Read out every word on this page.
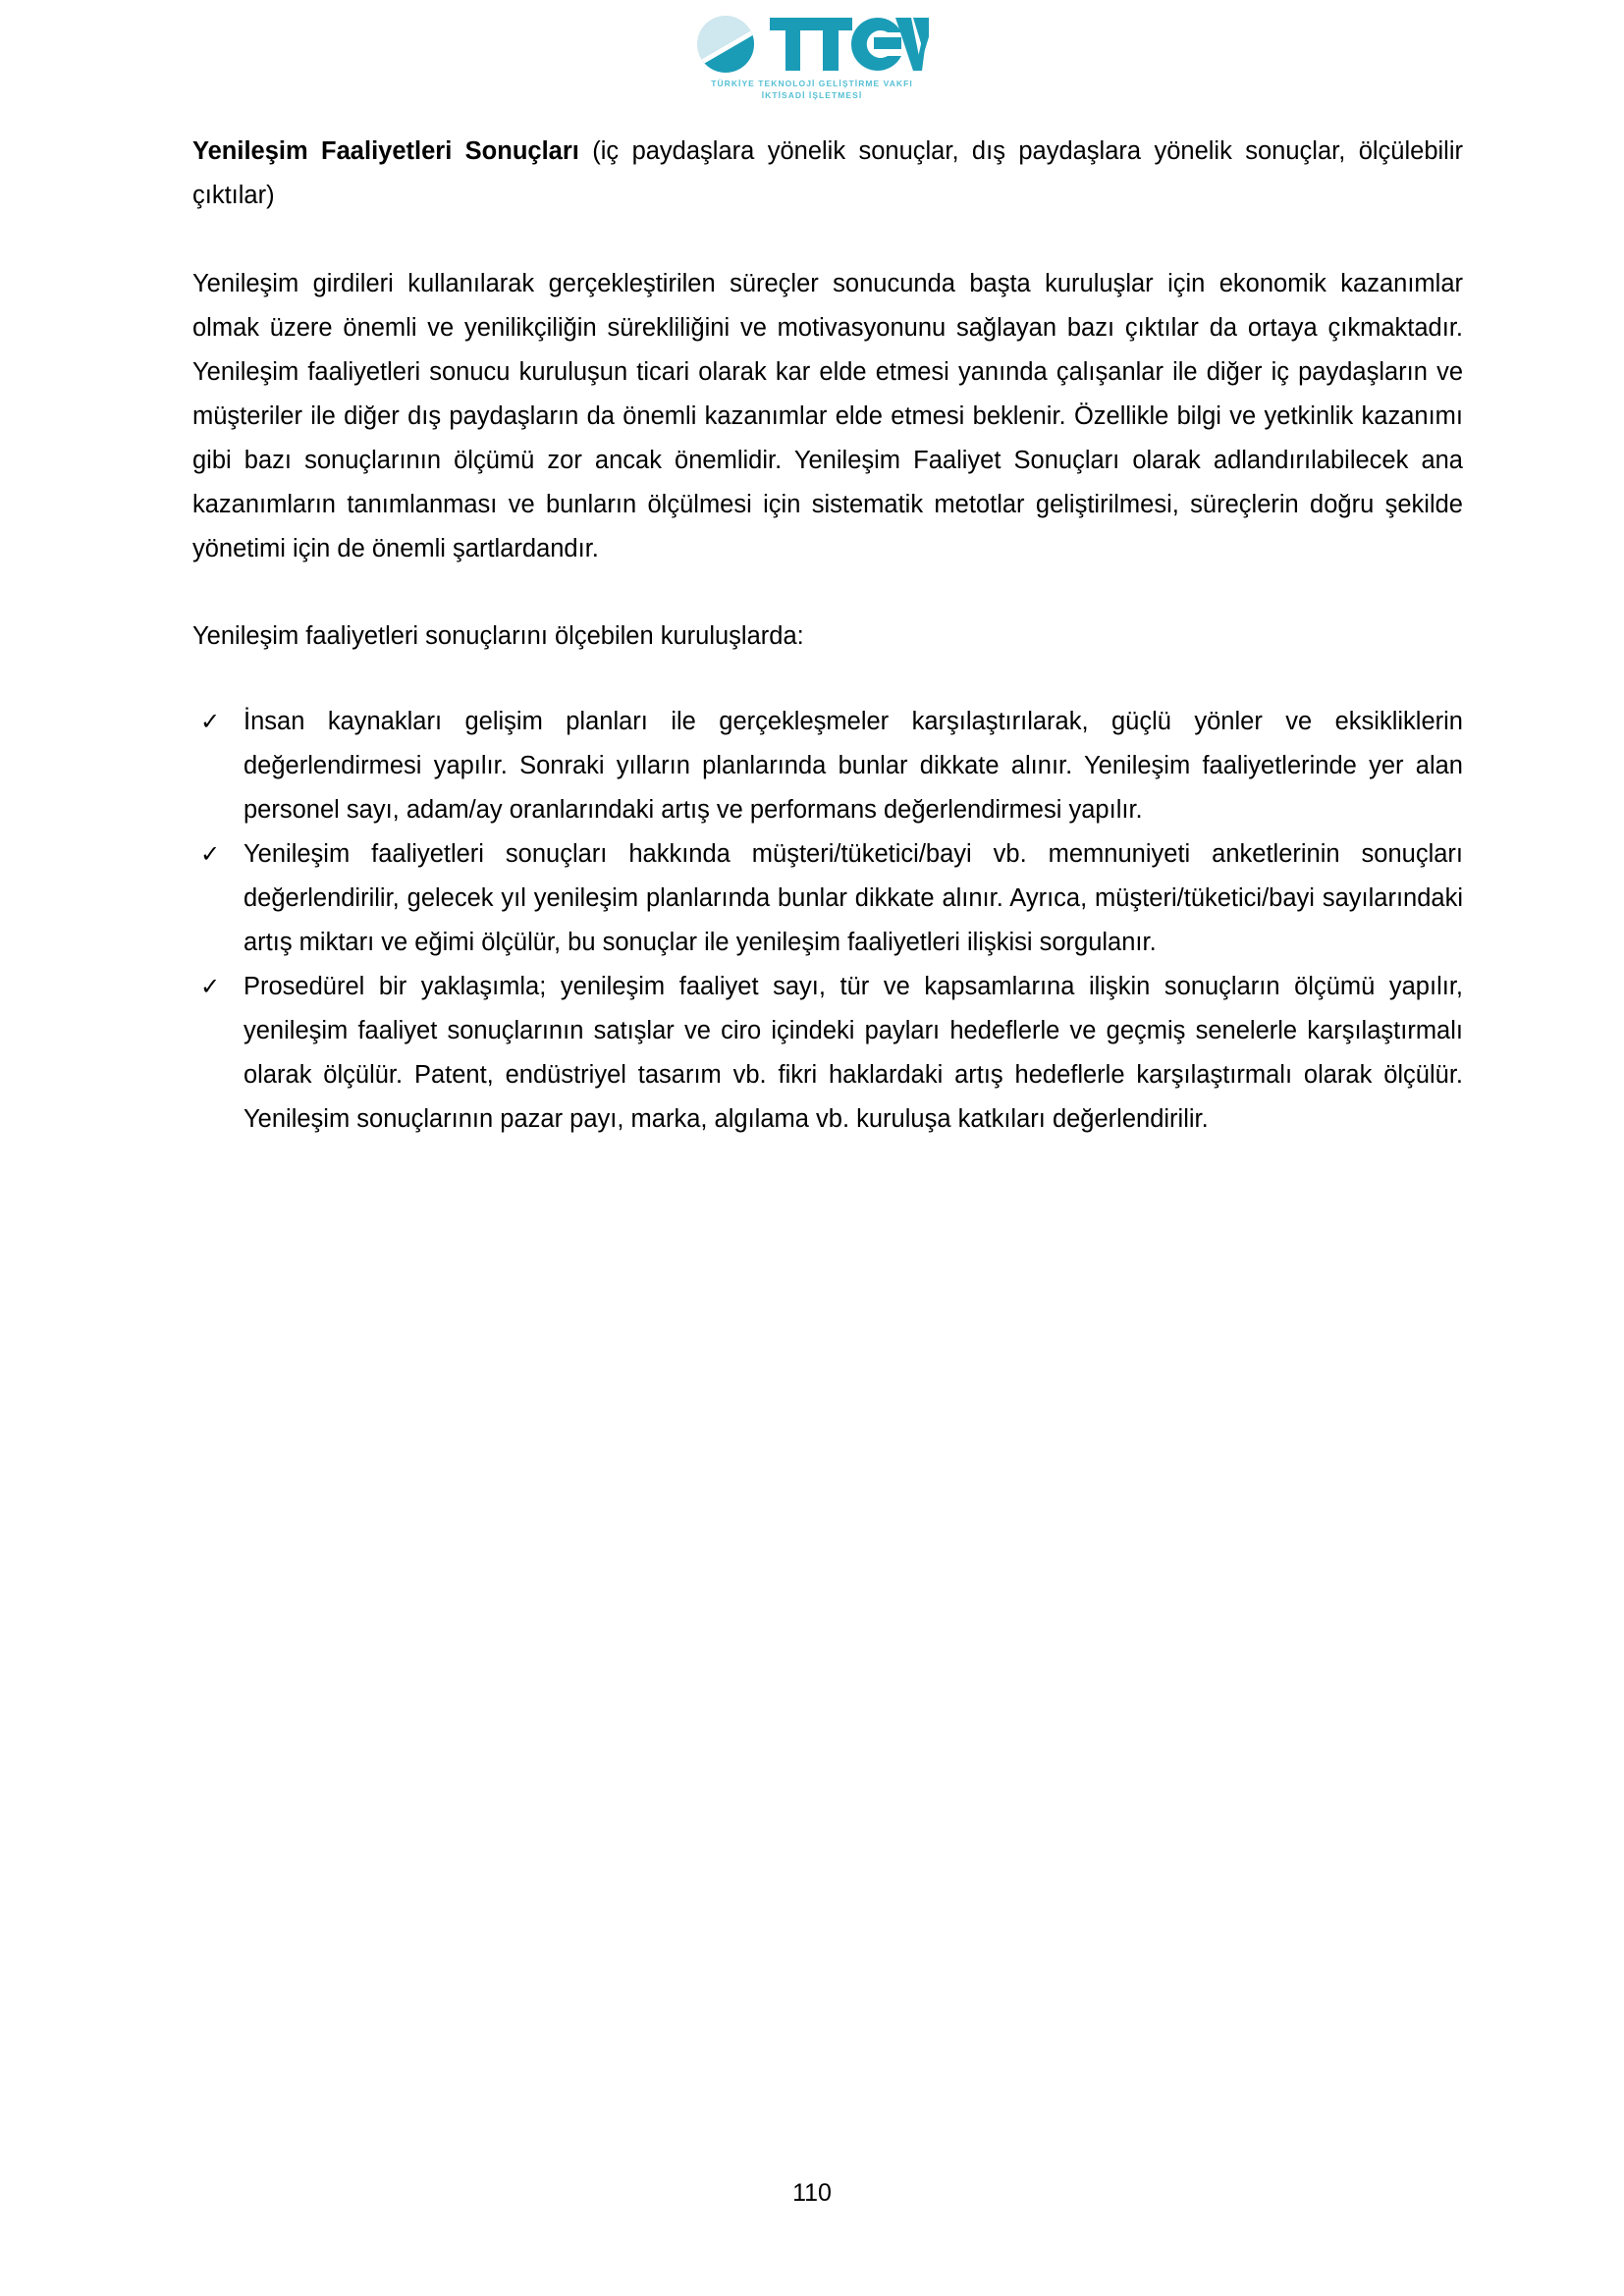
TÜRKİYE TEKNOLOJİ GELİŞTİRME VAKFI
İKTİSADİ İŞLETMESİ

Yenileşim Faaliyetleri Sonuçları (iç paydaşlara yönelik sonuçlar, dış paydaşlara yönelik sonuçlar, ölçülebilir çıktılar)

Yenileşim girdileri kullanılarak gerçekleştirilen süreçler sonucunda başta kuruluşlar için ekonomik kazanımlar olmak üzere önemli ve yenilikçiliğin sürekliliğini ve motivasyonunu sağlayan bazı çıktılar da ortaya çıkmaktadır. Yenileşim faaliyetleri sonucu kuruluşun ticari olarak kar elde etmesi yanında çalışanlar ile diğer iç paydaşların ve müşteriler ile diğer dış paydaşların da önemli kazanımlar elde etmesi beklenir. Özellikle bilgi ve yetkinlik kazanımı gibi bazı sonuçlarının ölçümü zor ancak önemlidir. Yenileşim Faaliyet Sonuçları olarak adlandırılabilecek ana kazanımların tanımlanması ve bunların ölçülmesi için sistematik metotlar geliştirilmesi, süreçlerin doğru şekilde yönetimi için de önemli şartlardandır.

Yenileşim faaliyetleri sonuçlarını ölçebilen kuruluşlarda:

✓ İnsan kaynakları gelişim planları ile gerçekleşmeler karşılaştırılarak, güçlü yönler ve eksikliklerin değerlendirmesi yapılır. Sonraki yılların planlarında bunlar dikkate alınır. Yenileşim faaliyetlerinde yer alan personel sayı, adam/ay oranlarındaki artış ve performans değerlendirmesi yapılır.
✓ Yenileşim faaliyetleri sonuçları hakkında müşteri/tüketici/bayi vb. memnuniyeti anketlerinin sonuçları değerlendirilir, gelecek yıl yenileşim planlarında bunlar dikkate alınır. Ayrıca, müşteri/tüketici/bayi sayılarındaki artış miktarı ve eğimi ölçülür, bu sonuçlar ile yenileşim faaliyetleri ilişkisi sorgulanır.
✓ Prosedürel bir yaklaşımla; yenileşim faaliyet sayı, tür ve kapsamlarına ilişkin sonuçların ölçümü yapılır, yenileşim faaliyet sonuçlarının satışlar ve ciro içindeki payları hedeflerle ve geçmiş senelerle karşılaştırmalı olarak ölçülür. Patent, endüstriyel tasarım vb. fikri haklardaki artış hedeflerle karşılaştırmalı olarak ölçülür. Yenileşim sonuçlarının pazar payı, marka, algılama vb. kuruluşa katkıları değerlendirilir.
110
